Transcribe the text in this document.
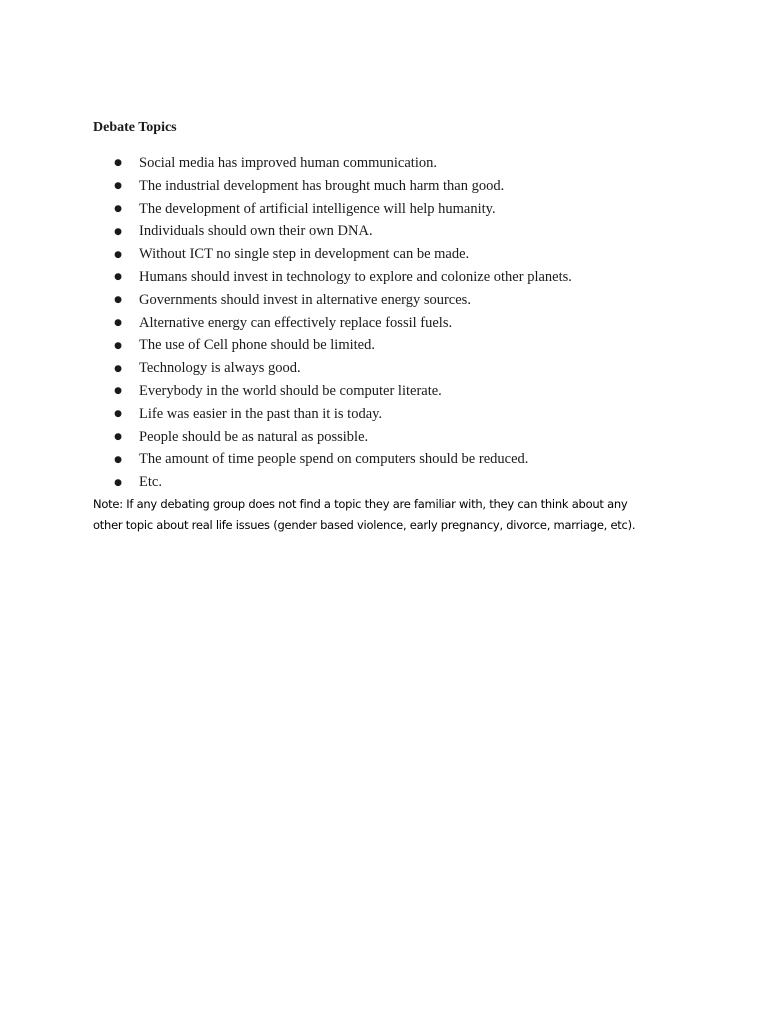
Debate Topics
● Social media has improved human communication.
● The industrial development has brought much harm than good.
● The development of artificial intelligence will help humanity.
● Individuals should own their own DNA.
● Without ICT no single step in development can be made.
● Humans should invest in technology to explore and colonize other planets.
● Governments should invest in alternative energy sources.
● Alternative energy can effectively replace fossil fuels.
● The use of Cell phone should be limited.
● Technology is always good.
● Everybody in the world should be computer literate.
● Life was easier in the past than it is today.
● People should be as natural as possible.
● The amount of time people spend on computers should be reduced.
● Etc.

Note: If any debating group does not find a topic they are familiar with, they can think about any
other topic about real life issues (gender based violence, early pregnancy, divorce, marriage, etc).
